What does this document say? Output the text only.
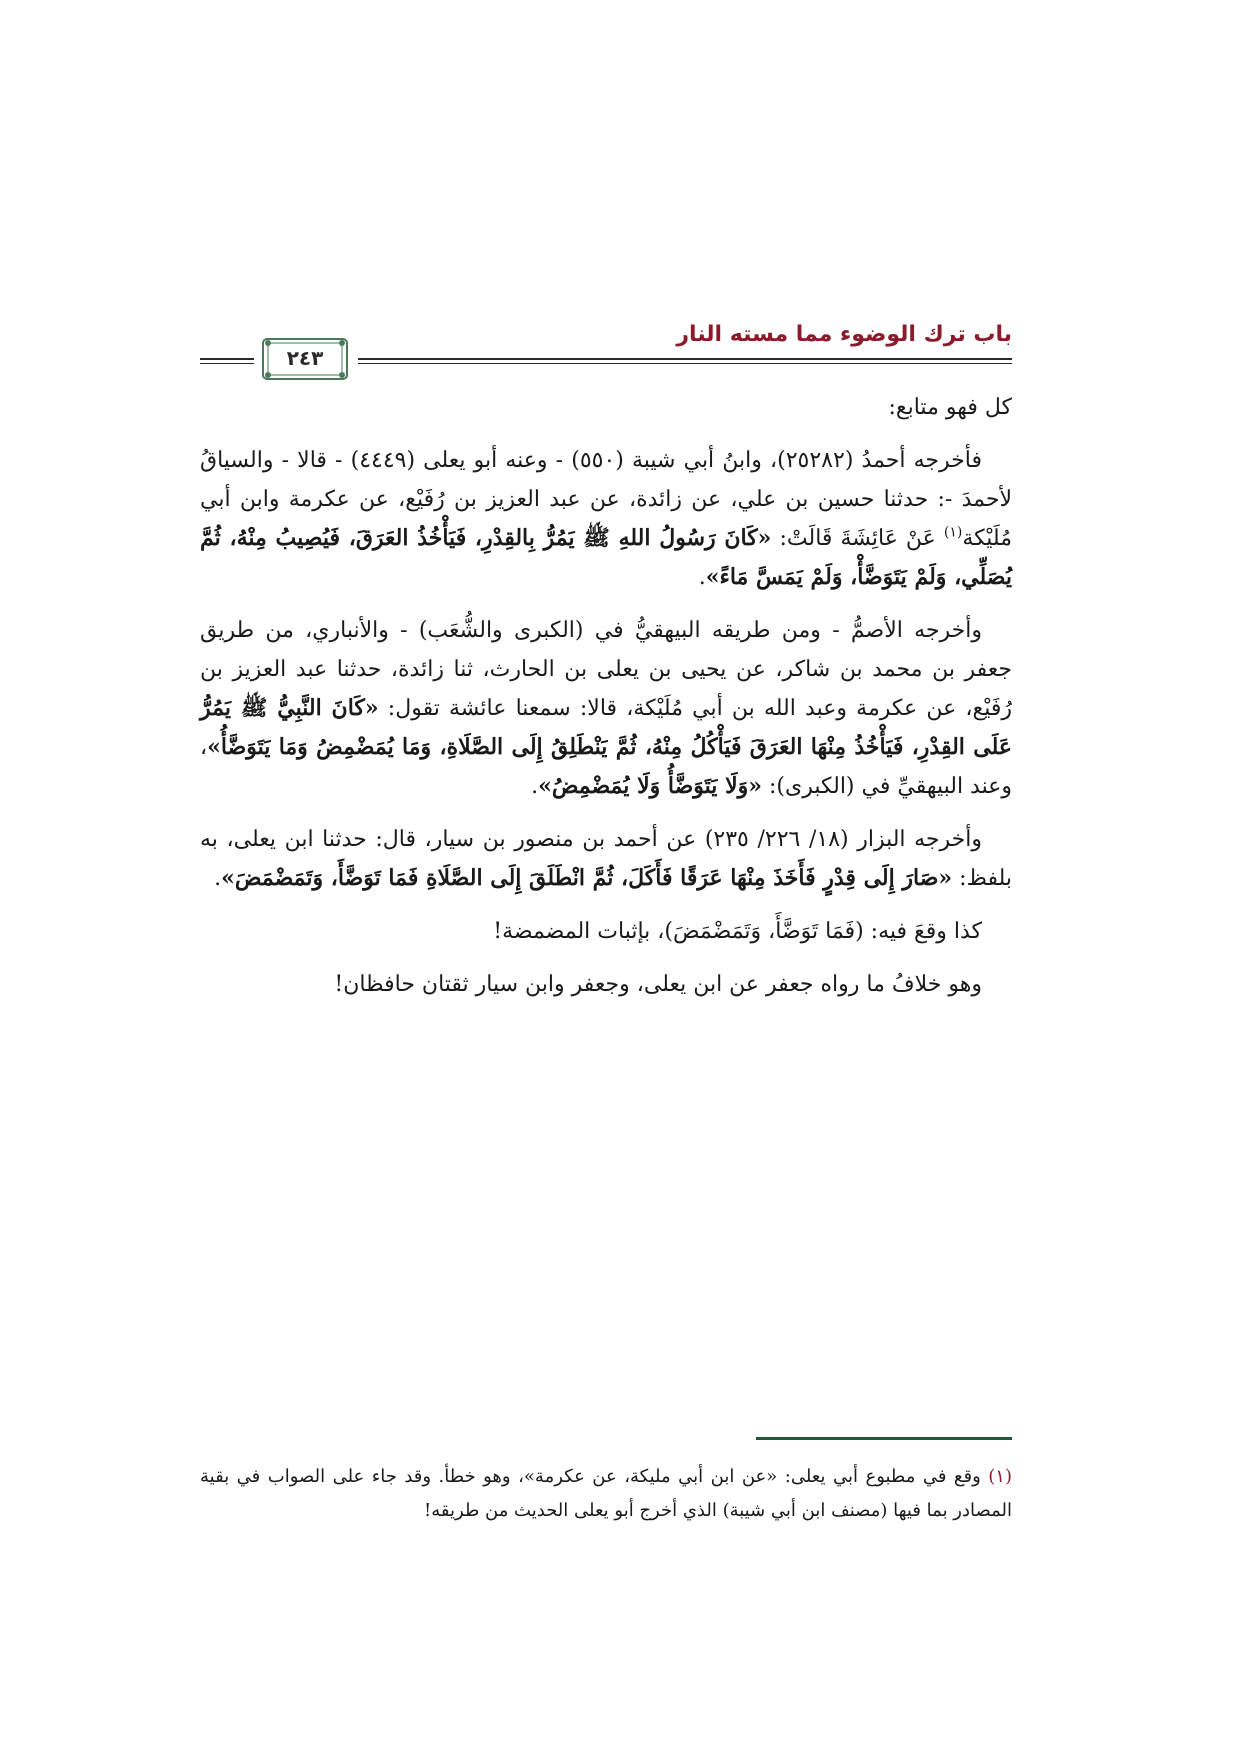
باب ترك الوضوء مما مسته النار
٢٤٣

كل فهو متابع:

فأخرجه أحمدُ (٢٥٢٨٢)، وابنُ أبي شيبة (٥٥٠) - وعنه أبو يعلى (٤٤٤٩) - قالا - والسياقُ لأحمدَ -: حدثنا حسين بن علي، عن زائدة، عن عبد العزيز بن رُفَيْع، عن عكرمة وابن أبي مُلَيْكة$^{(١)}$ عَنْ عَائِشَةَ قَالَتْ: «كَانَ رَسُولُ اللهِ ﷺ يَمُرُّ بِالقِدْرِ، فَيَأْخُذُ العَرَقَ، فَيُصِيبُ مِنْهُ، ثُمَّ يُصَلِّي، وَلَمْ يَتَوَضَّأْ، وَلَمْ يَمَسَّ مَاءً».

وأخرجه الأصمُّ - ومن طريقه البيهقيُّ في (الكبرى والشُّعَب) - والأنباري، من طريق جعفر بن محمد بن شاكر، عن يحيى بن يعلى بن الحارث، ثنا زائدة، حدثنا عبد العزيز بن رُفَيْع، عن عكرمة وعبد الله بن أبي مُلَيْكة، قالا: سمعنا عائشة تقول: «كَانَ النَّبِيُّ ﷺ يَمُرُّ عَلَى القِدْرِ، فَيَأْخُذُ مِنْهَا العَرَقَ فَيَأْكُلُ مِنْهُ، ثُمَّ يَنْطَلِقُ إِلَى الصَّلَاةِ، وَمَا يُمَضْمِضُ وَمَا يَتَوَضَّأُ»، وعند البيهقيِّ في (الكبرى): «وَلَا يَتَوَضَّأُ وَلَا يُمَضْمِضُ».

وأخرجه البزار (١٨/ ٢٢٦/ ٢٣٥) عن أحمد بن منصور بن سيار، قال: حدثنا ابن يعلى، به بلفظ: «صَارَ إِلَى قِدْرٍ فَأَخَذَ مِنْهَا عَرَقًا فَأَكَلَ، ثُمَّ انْطَلَقَ إِلَى الصَّلَاةِ فَمَا تَوَضَّأَ، وَتَمَضْمَضَ».

كذا وقعَ فيه: (فَمَا تَوَضَّأَ، وَتَمَضْمَضَ)، بإثبات المضمضة!

وهو خلافُ ما رواه جعفر عن ابن يعلى، وجعفر وابن سيار ثقتان حافظان!

(١) وقع في مطبوع أبي يعلى: «عن ابن أبي مليكة، عن عكرمة»، وهو خطأ. وقد جاء على الصواب في بقية المصادر بما فيها (مصنف ابن أبي شيبة) الذي أخرج أبو يعلى الحديث من طريقه!
